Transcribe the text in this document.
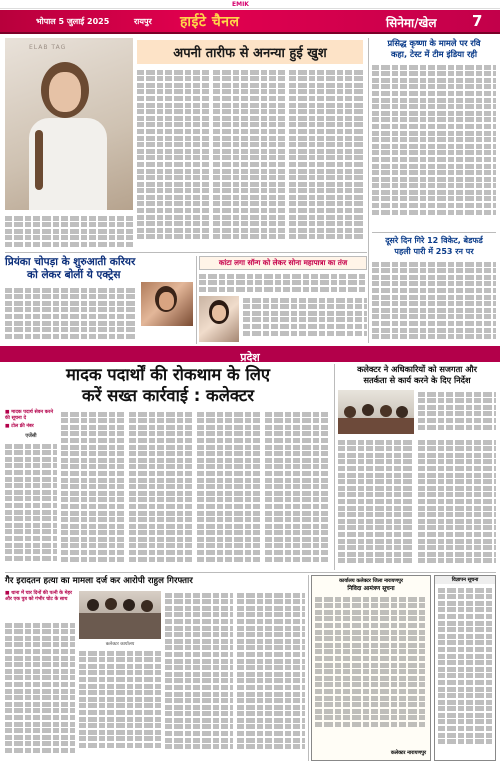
EMIK
भोपाल 5 जुलाई 2025	रायपुर हाईटे चैनल	सिनेमा/खेल 7
ELAB TAG	अपनी तारीफ से अनन्या हुई खुश
प्रसिद्ध कृष्णा के मामले पर रवि
कहा, टेस्ट में टीम इंडिया रही
दूसरे दिन गिरे 12 विकेट, बेडफर्ड
पहली पारी में 253 रन पर
प्रियंका चोपड़ा के शुरुआती करियर
को लेकर बोलीं ये एक्ट्रेस
कांटा लगा सॉन्ग को लेकर सोना महापात्रा का तंज
प्रदेश
मादक पदार्थों की रोकथाम के लिए
करें सख्त कार्रवाई : कलेक्टर
■ मादक पदार्थ सेवन करने की सूचना दे
■ टोल फ्री नंबर
एजेंसी
कलेक्टर ने अधिकारियों को सजगता और
सतर्कता से कार्य करने के दिए निर्देश
गैर इरादतन हत्या का मामला दर्ज कर आरोपी राहुल गिरफ्तार
■ थाना में चार दिनों की पत्नी के मेहर और एक पुत्र को गंभीर चोट के साथ
कलेक्टर कार्यालय
कार्यालय कलेक्टर जिला नारायणपुर
निविदा आमंत्रण सूचना
कलेक्टर नारायणपुर
विज्ञापन सूचना
